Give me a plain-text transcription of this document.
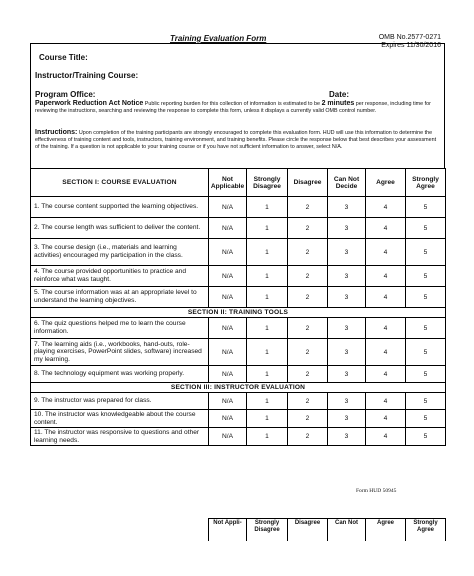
Training Evaluation Form	OMB No.2577-0271
Expires 11/30/2016
Course Title:
Instructor/Training Course:
Program Office:	Date:
Paperwork Reduction Act Notice Public reporting burden for this collection of information is estimated to be 2 minutes per response, including time for reviewing the instructions, searching and reviewing the response to complete this form, unless it displays a currently valid OMB control number.
Instructions: Upon completion of the training participants are strongly encouraged to complete this evaluation form. HUD will use this information to determine the effectiveness of training content and tools, instructors, training environment, and training benefits. Please circle the response below that best describes your assessment of the training. If a question is not applicable to your training course or if you have not sufficient information to answer, select N/A.
SECTION I: COURSE EVALUATION	Not Applicable	Strongly Disagree	Disagree	Can Not Decide	Agree	Strongly Agree
1. The course content supported the learning objectives.	N/A	1	2	3	4	5
2. The course length was sufficient to deliver the content.	N/A	1	2	3	4	5
3. The course design (i.e., materials and learning activities) encouraged my participation in the class.	N/A	1	2	3	4	5
4. The course provided opportunities to practice and reinforce what was taught.	N/A	1	2	3	4	5
5. The course information was at an appropriate level to understand the learning objectives.	N/A	1	2	3	4	5
SECTION II: TRAINING TOOLS						
6. The quiz questions helped me to learn the course information.	N/A	1	2	3	4	5
7. The learning aids (i.e., workbooks, hand-outs, role-playing exercises, PowerPoint slides, software) increased my learning.	N/A	1	2	3	4	5
8. The technology equipment was working properly.	N/A	1	2	3	4	5
SECTION III: INSTRUCTOR EVALUATION						
9. The instructor was prepared for class.	N/A	1	2	3	4	5
10. The instructor was knowledgeable about the course content.	N/A	1	2	3	4	5
11. The instructor was responsive to questions and other learning needs.	N/A	1	2	3	4	5
Form HUD 50945
Not Appli-	Strongly Disagree	Disagree	Can Not	Agree	Strongly Agree
